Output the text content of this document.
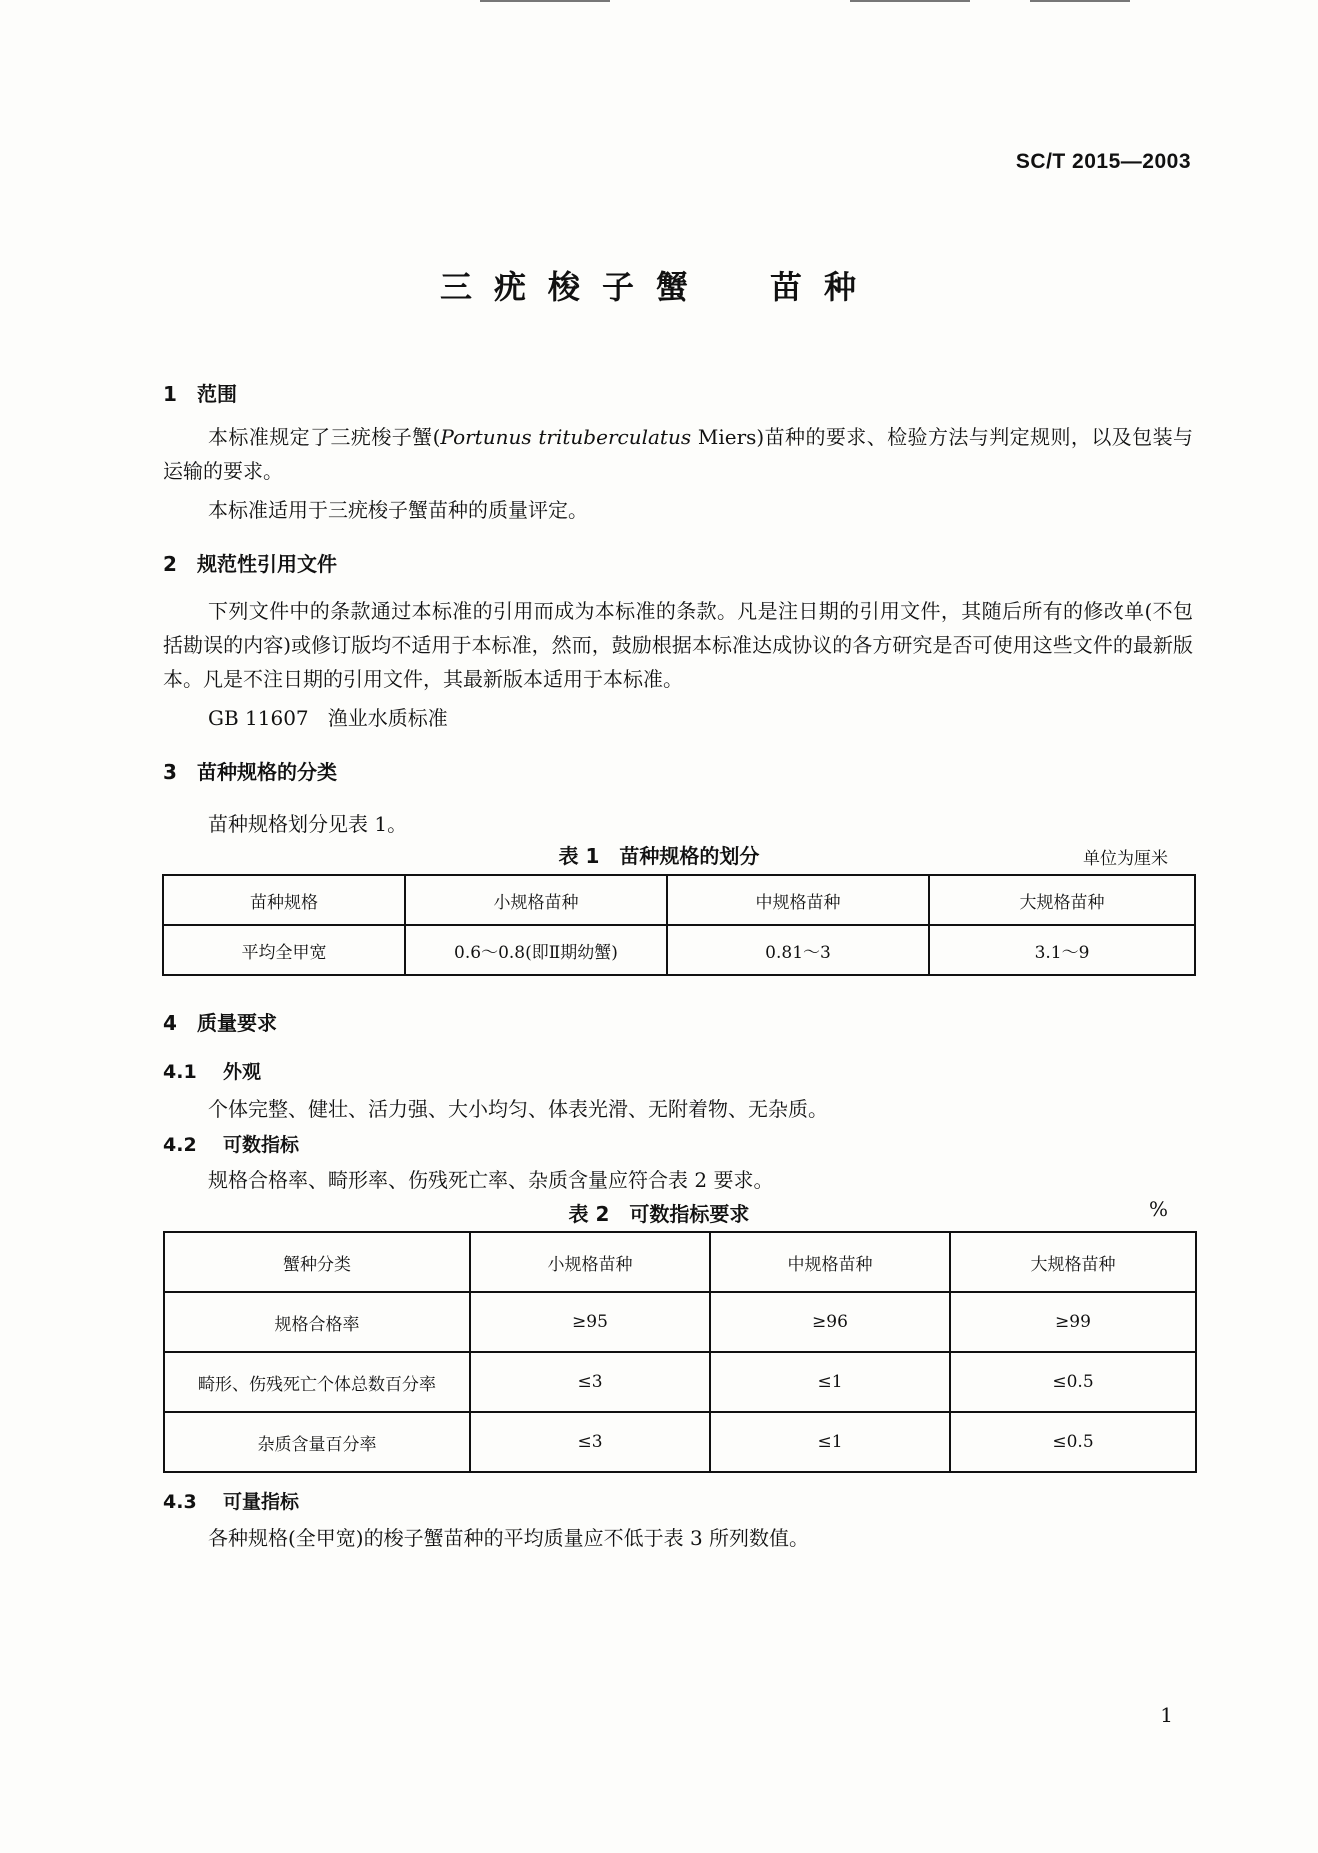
SC/T 2015—2003
三疣梭子蟹 苗种
1 范围
本标准规定了三疣梭子蟹(Portunus trituberculatus Miers)苗种的要求、检验方法与判定规则，以及包装与运输的要求。
本标准适用于三疣梭子蟹苗种的质量评定。
2 规范性引用文件
下列文件中的条款通过本标准的引用而成为本标准的条款。凡是注日期的引用文件，其随后所有的修改单(不包括勘误的内容)或修订版均不适用于本标准，然而，鼓励根据本标准达成协议的各方研究是否可使用这些文件的最新版本。凡是不注日期的引用文件，其最新版本适用于本标准。
GB 11607 渔业水质标准
3 苗种规格的分类
苗种规格划分见表 1。
表 1　苗种规格的划分	单位为厘米
苗种规格	小规格苗种	中规格苗种	大规格苗种
平均全甲宽	0.6～0.8(即Ⅱ期幼蟹)	0.81～3	3.1～9
4 质量要求
4.1 外观
个体完整、健壮、活力强、大小均匀、体表光滑、无附着物、无杂质。
4.2 可数指标
规格合格率、畸形率、伤残死亡率、杂质含量应符合表 2 要求。
表 2　可数指标要求	%
蟹种分类	小规格苗种	中规格苗种	大规格苗种
规格合格率	≥95	≥96	≥99
畸形、伤残死亡个体总数百分率	≤3	≤1	≤0.5
杂质含量百分率	≤3	≤1	≤0.5
4.3 可量指标
各种规格(全甲宽)的梭子蟹苗种的平均质量应不低于表 3 所列数值。
1
